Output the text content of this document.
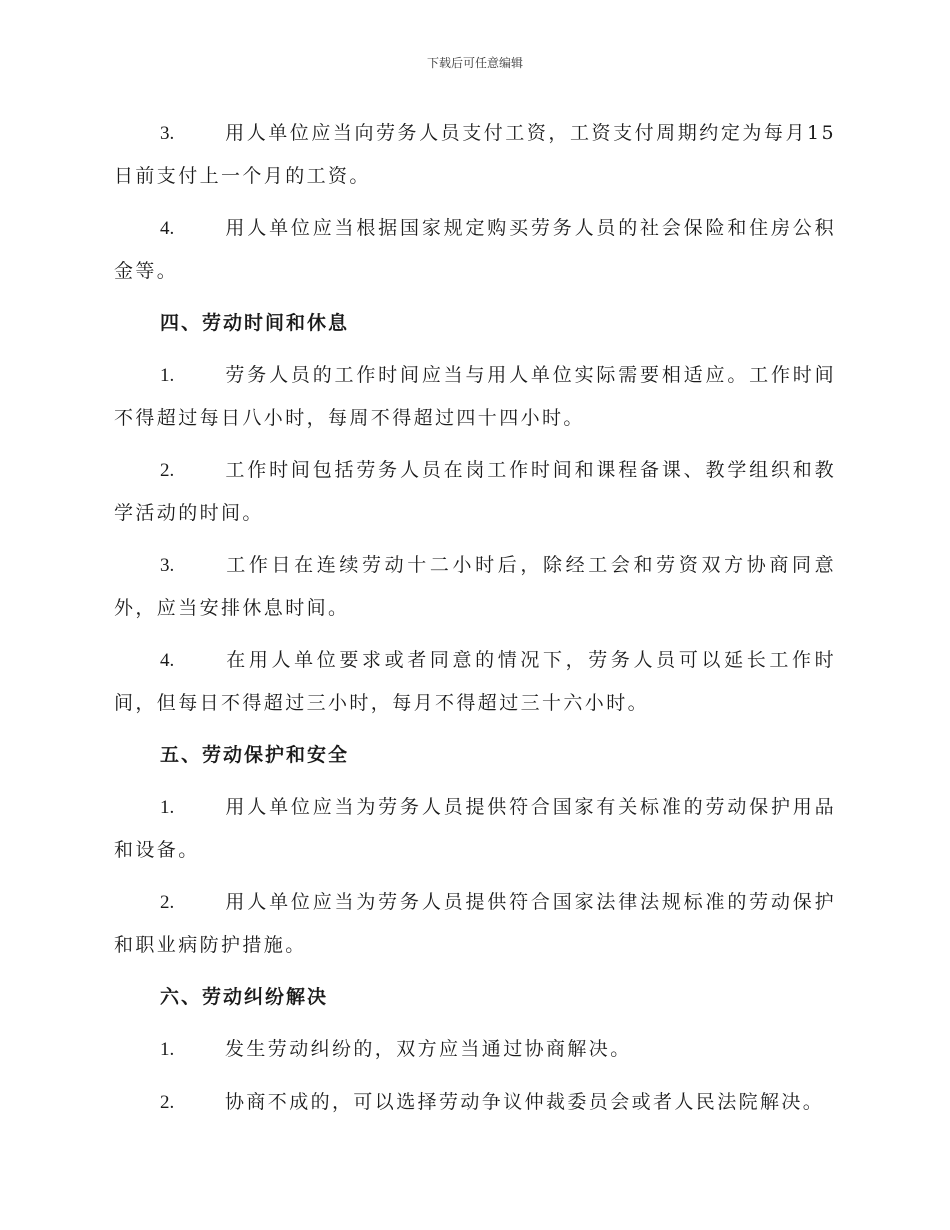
下载后可任意编辑

3.	用人单位应当向劳务人员支付工资，工资支付周期约定为每月15日前支付上一个月的工资。

4.	用人单位应当根据国家规定购买劳务人员的社会保险和住房公积金等。

四、劳动时间和休息

1.	劳务人员的工作时间应当与用人单位实际需要相适应。工作时间不得超过每日八小时，每周不得超过四十四小时。

2.	工作时间包括劳务人员在岗工作时间和课程备课、教学组织和教学活动的时间。

3.	工作日在连续劳动十二小时后，除经工会和劳资双方协商同意外，应当安排休息时间。

4.	在用人单位要求或者同意的情况下，劳务人员可以延长工作时间，但每日不得超过三小时，每月不得超过三十六小时。

五、劳动保护和安全

1.	用人单位应当为劳务人员提供符合国家有关标准的劳动保护用品和设备。

2.	用人单位应当为劳务人员提供符合国家法律法规标准的劳动保护和职业病防护措施。

六、劳动纠纷解决

1.	发生劳动纠纷的，双方应当通过协商解决。

2.	协商不成的，可以选择劳动争议仲裁委员会或者人民法院解决。
